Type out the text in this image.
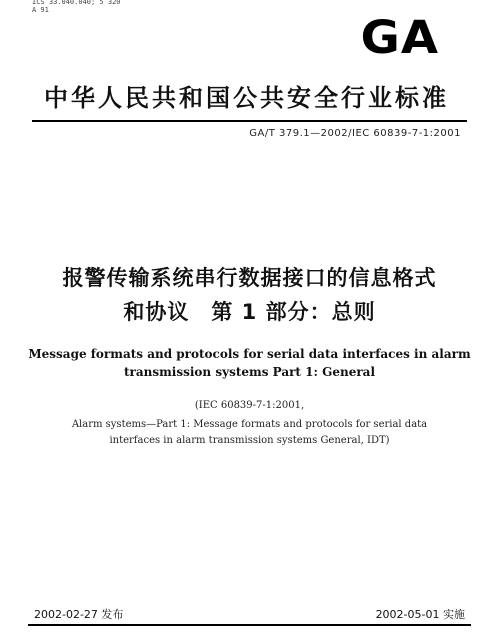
ICS 33.040.040; 5 320
A 91
GA
中华人民共和国公共安全行业标准
GA/T 379.1—2002/IEC 60839-7-1:2001
报警传输系统串行数据接口的信息格式
和协议　第 1 部分：总则
Message formats and protocols for serial data interfaces in alarm
transmission systems Part 1: General
(IEC 60839-7-1:2001,
Alarm systems—Part 1: Message formats and protocols for serial data
interfaces in alarm transmission systems General, IDT)
2002-02-27 发布	2002-05-01 实施
